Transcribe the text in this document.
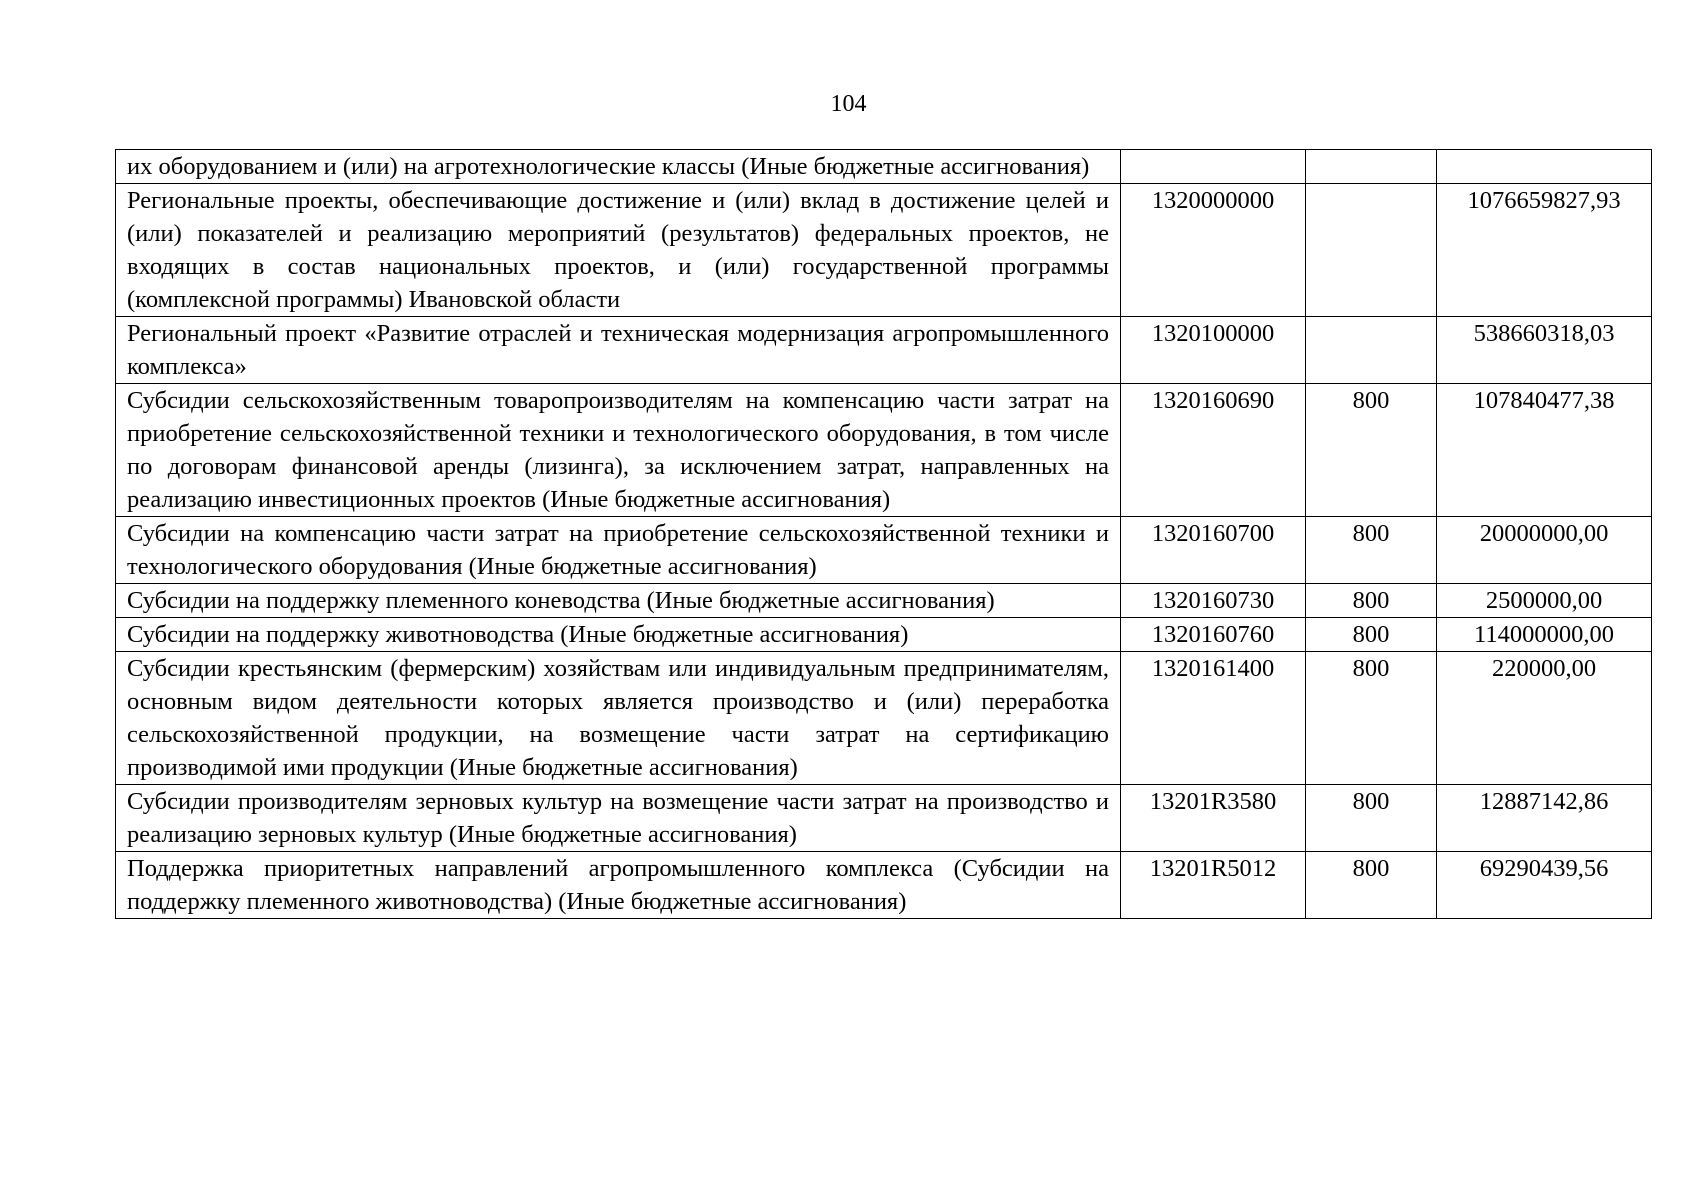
104
их оборудованием и (или) на агротехнологические классы (Иные бюджетные ассигнования)			
Региональные проекты, обеспечивающие достижение и (или) вклад в достижение целей и (или) показателей и реализацию мероприятий (результатов) федеральных проектов, не входящих в состав национальных проектов, и (или) государственной программы (комплексной программы) Ивановской области	1320000000		1076659827,93
Региональный проект «Развитие отраслей и техническая модернизация агропромышленного комплекса»	1320100000		538660318,03
Субсидии сельскохозяйственным товаропроизводителям на компенсацию части затрат на приобретение сельскохозяйственной техники и технологического оборудования, в том числе по договорам финансовой аренды (лизинга), за исключением затрат, направленных на реализацию инвестиционных проектов (Иные бюджетные ассигнования)	1320160690	800	107840477,38
Субсидии на компенсацию части затрат на приобретение сельскохозяйственной техники и технологического оборудования (Иные бюджетные ассигнования)	1320160700	800	20000000,00
Субсидии на поддержку племенного коневодства (Иные бюджетные ассигнования)	1320160730	800	2500000,00
Субсидии на поддержку животноводства (Иные бюджетные ассигнования)	1320160760	800	114000000,00
Субсидии крестьянским (фермерским) хозяйствам или индивидуальным предпринимателям, основным видом деятельности которых является производство и (или) переработка сельскохозяйственной продукции, на возмещение части затрат на сертификацию производимой ими продукции (Иные бюджетные ассигнования)	1320161400	800	220000,00
Субсидии производителям зерновых культур на возмещение части затрат на производство и реализацию зерновых культур (Иные бюджетные ассигнования)	13201R3580	800	12887142,86
Поддержка приоритетных направлений агропромышленного комплекса (Субсидии на поддержку племенного животноводства) (Иные бюджетные ассигнования)	13201R5012	800	69290439,56
